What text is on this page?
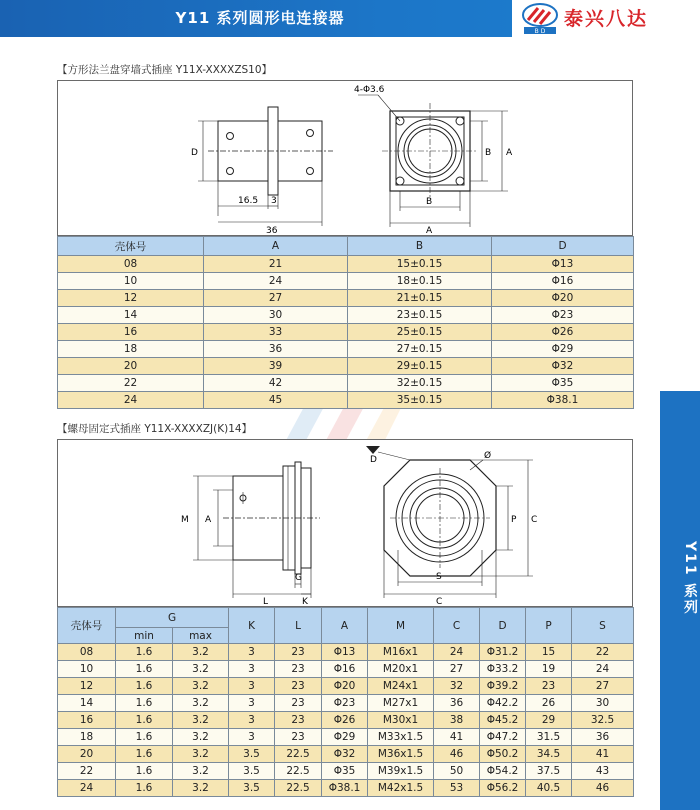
Y11 系列圆形电连接器
B D
泰兴八达
Y11 系列
【方形法兰盘穿墙式插座 Y11X-XXXXZS10】
D
16.5 3
36
4-Φ3.6
B A
B
A
壳体号	A	B	D
08	21	15±0.15	Φ13
10	24	18±0.15	Φ16
12	27	21±0.15	Φ20
14	30	23±0.15	Φ23
16	33	25±0.15	Φ26
18	36	27±0.15	Φ29
20	39	29±0.15	Φ32
22	42	32±0.15	Φ35
24	45	35±0.15	Φ38.1
【螺母固定式插座 Y11X-XXXXZJ(K)14】
M A
G
L	K
D	Ø
P C
S
C
壳体号	G		K	L	A	M	C	D	P	S
	min	max								
08	1.6	3.2	3	23	Φ13	M16x1	24	Φ31.2	15	22
10	1.6	3.2	3	23	Φ16	M20x1	27	Φ33.2	19	24
12	1.6	3.2	3	23	Φ20	M24x1	32	Φ39.2	23	27
14	1.6	3.2	3	23	Φ23	M27x1	36	Φ42.2	26	30
16	1.6	3.2	3	23	Φ26	M30x1	38	Φ45.2	29	32.5
18	1.6	3.2	3	23	Φ29	M33x1.5	41	Φ47.2	31.5	36
20	1.6	3.2	3.5	22.5	Φ32	M36x1.5	46	Φ50.2	34.5	41
22	1.6	3.2	3.5	22.5	Φ35	M39x1.5	50	Φ54.2	37.5	43
24	1.6	3.2	3.5	22.5	Φ38.1	M42x1.5	53	Φ56.2	40.5	46
